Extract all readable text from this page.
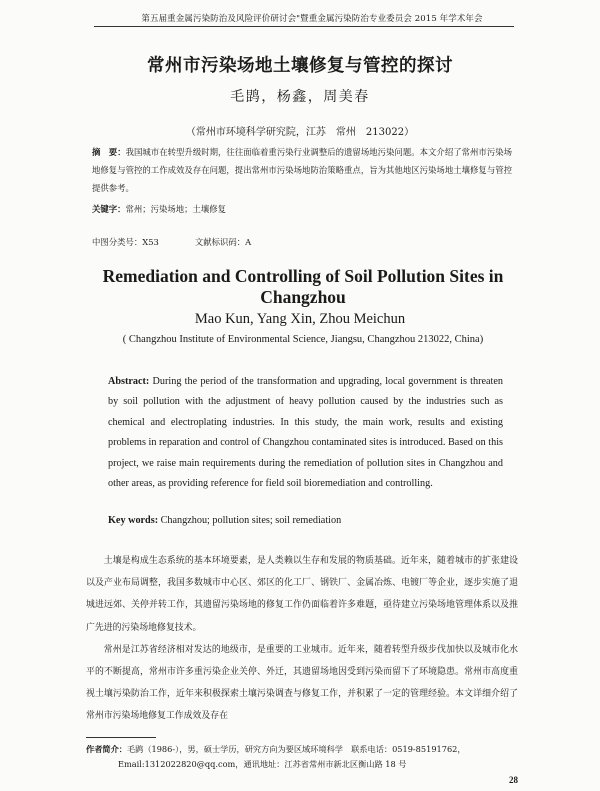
第五届重金属污染防治及风险评价研讨会"暨重金属污染防治专业委员会 2015 年学术年会
常州市污染场地土壤修复与管控的探讨
毛鹍，杨鑫，周美春
（常州市环境科学研究院，江苏　常州　213022）
摘　要：我国城市在转型升级时期，往往面临着重污染行业调整后的遗留场地污染问题。本文介绍了常州市污染场地修复与管控的工作成效及存在问题，提出常州市污染场地防治策略重点，旨为其他地区污染场地土壤修复与管控提供参考。
关键字：常州；污染场地；土壤修复
中图分类号：X53	文献标识码：A
Remediation and Controlling of Soil Pollution Sites in Changzhou
Mao Kun, Yang Xin, Zhou Meichun
( Changzhou Institute of Environmental Science, Jiangsu, Changzhou 213022, China)
Abstract: During the period of the transformation and upgrading, local government is threaten by soil pollution with the adjustment of heavy pollution caused by the industries such as chemical and electroplating industries. In this study, the main work, results and existing problems in reparation and control of Changzhou contaminated sites is introduced. Based on this project, we raise main requirements during the remediation of pollution sites in Changzhou and other areas, as providing reference for field soil bioremediation and controlling.
Key words: Changzhou; pollution sites; soil remediation

土壤是构成生态系统的基本环境要素，是人类赖以生存和发展的物质基础。近年来，随着城市的扩张建设以及产业布局调整，我国多数城市中心区、郊区的化工厂、钢铁厂、金属冶炼、电镀厂等企业，逐步实施了退城进远郊、关停并转工作，其遗留污染场地的修复工作仍面临着许多难题，亟待建立污染场地管理体系以及推广先进的污染场地修复技术。

常州是江苏省经济相对发达的地级市，是重要的工业城市。近年来，随着转型升级步伐加快以及城市化水平的不断提高，常州市许多重污染企业关停、外迁，其遗留场地因受到污染而留下了环境隐患。常州市高度重视土壤污染防治工作，近年来积极探索土壤污染调查与修复工作，并积累了一定的管理经验。本文详细介绍了常州市污染场地修复工作成效及存在

作者简介：毛鹍（1986-），男，硕士学历，研究方向为要区域环境科学　联系电话：0519-85191762，
Email:1312022820@qq.com，通讯地址：江苏省常州市新北区衡山路 18 号
28
